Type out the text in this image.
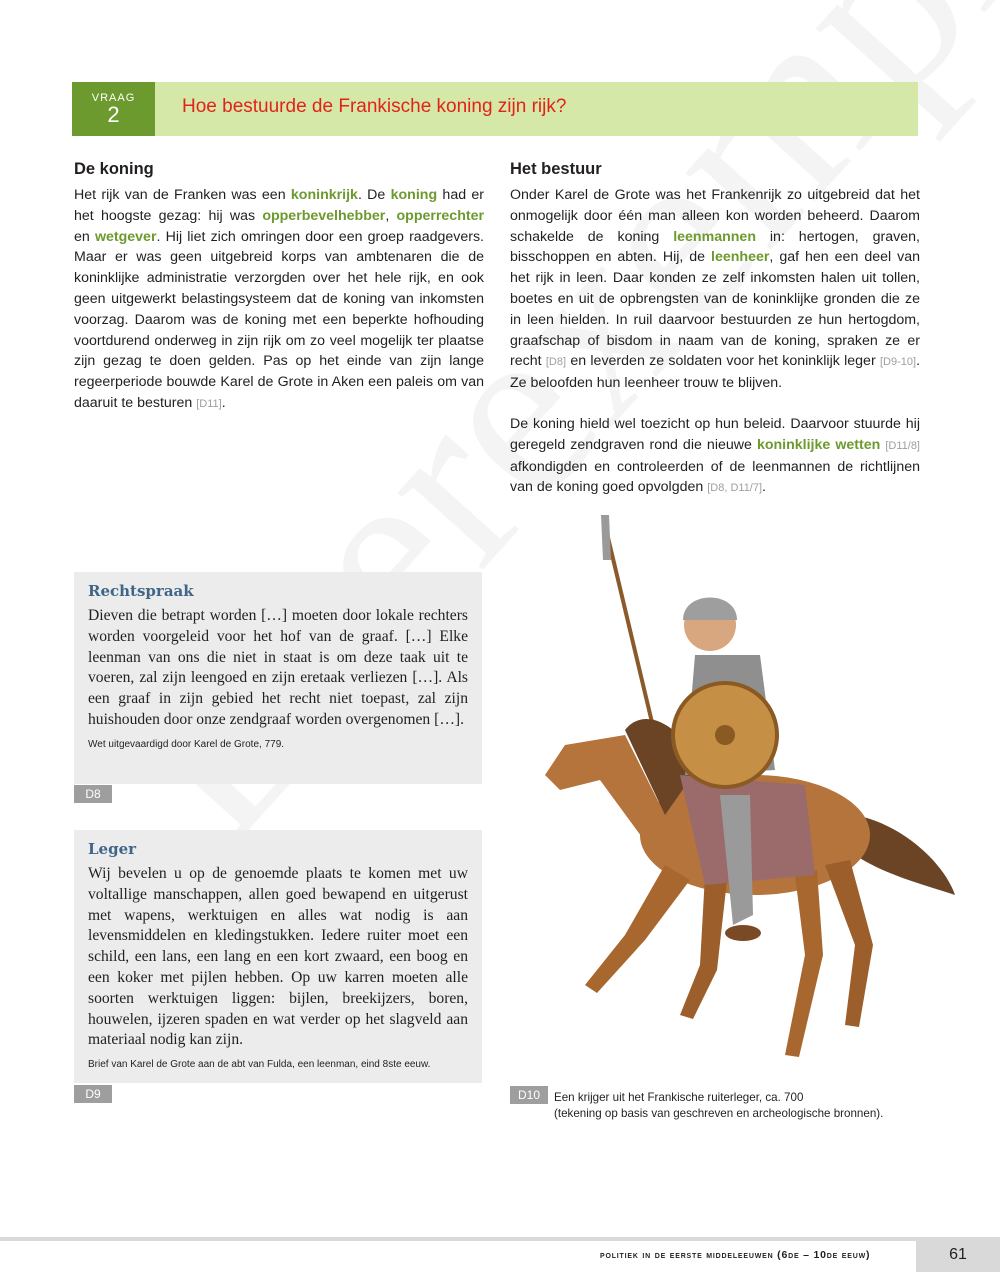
VRAAG
2	Hoe bestuurde de Frankische koning zijn rijk?
De koning

Het rijk van de Franken was een koninkrijk. De koning had er het hoogste gezag: hij was opperbevelhebber, opperrechter en wetgever. Hij liet zich omringen door een groep raadgevers. Maar er was geen uitgebreid korps van ambtenaren die de koninklijke administratie verzorgden over het hele rijk, en ook geen uitgewerkt belastingsysteem dat de koning van inkomsten voorzag. Daarom was de koning met een beperkte hofhouding voortdurend onderweg in zijn rijk om zo veel mogelijk ter plaatse zijn gezag te doen gelden. Pas op het einde van zijn lange regeerperiode bouwde Karel de Grote in Aken een paleis om van daaruit te besturen [D11].

Het bestuur

Onder Karel de Grote was het Frankenrijk zo uitgebreid dat het onmogelijk door één man alleen kon worden beheerd. Daarom schakelde de koning leenmannen in: hertogen, graven, bisschoppen en abten. Hij, de leenheer, gaf hen een deel van het rijk in leen. Daar konden ze zelf inkomsten halen uit tollen, boetes en uit de opbrengsten van de koninklijke gronden die ze in leen hielden. In ruil daarvoor bestuurden ze hun hertogdom, graafschap of bisdom in naam van de koning, spraken ze er recht [D8] en leverden ze soldaten voor het koninklijk leger [D9-10]. Ze beloofden hun leenheer trouw te blijven.

De koning hield wel toezicht op hun beleid. Daarvoor stuurde hij geregeld zendgraven rond die nieuwe koninklijke wetten [D11/8] afkondigden en controleerden of de leenmannen de richtlijnen van de koning goed opvolgden [D8, D11/7].

Rechtspraak

Dieven die betrapt worden […] moeten door lokale rechters worden voorgeleid voor het hof van de graaf. […] Elke leenman van ons die niet in staat is om deze taak uit te voeren, zal zijn leengoed en zijn eretaak verliezen […]. Als een graaf in zijn gebied het recht niet toepast, zal zijn huishouden door onze zendgraaf worden overgenomen […].

Wet uitgevaardigd door Karel de Grote, 779.
D8
Leger

Wij bevelen u op de genoemde plaats te komen met uw voltallige manschappen, allen goed bewapend en uitgerust met wapens, werktuigen en alles wat nodig is aan levensmiddelen en kledingstukken. Iedere ruiter moet een schild, een lans, een lang en een kort zwaard, een boog en een koker met pijlen hebben. Op uw karren moeten alle soorten werktuigen liggen: bijlen, breekijzers, boren, houwelen, ijzeren spaden en wat verder op het slagveld aan materiaal nodig kan zijn.

Brief van Karel de Grote aan de abt van Fulda, een leenman, eind 8ste eeuw.
D9	D10	Een krijger uit het Frankische ruiterleger, ca. 700
(tekening op basis van geschreven en archeologische bronnen).
politiek in de eerste middeleeuwen (6de – 10de eeuw)	61
